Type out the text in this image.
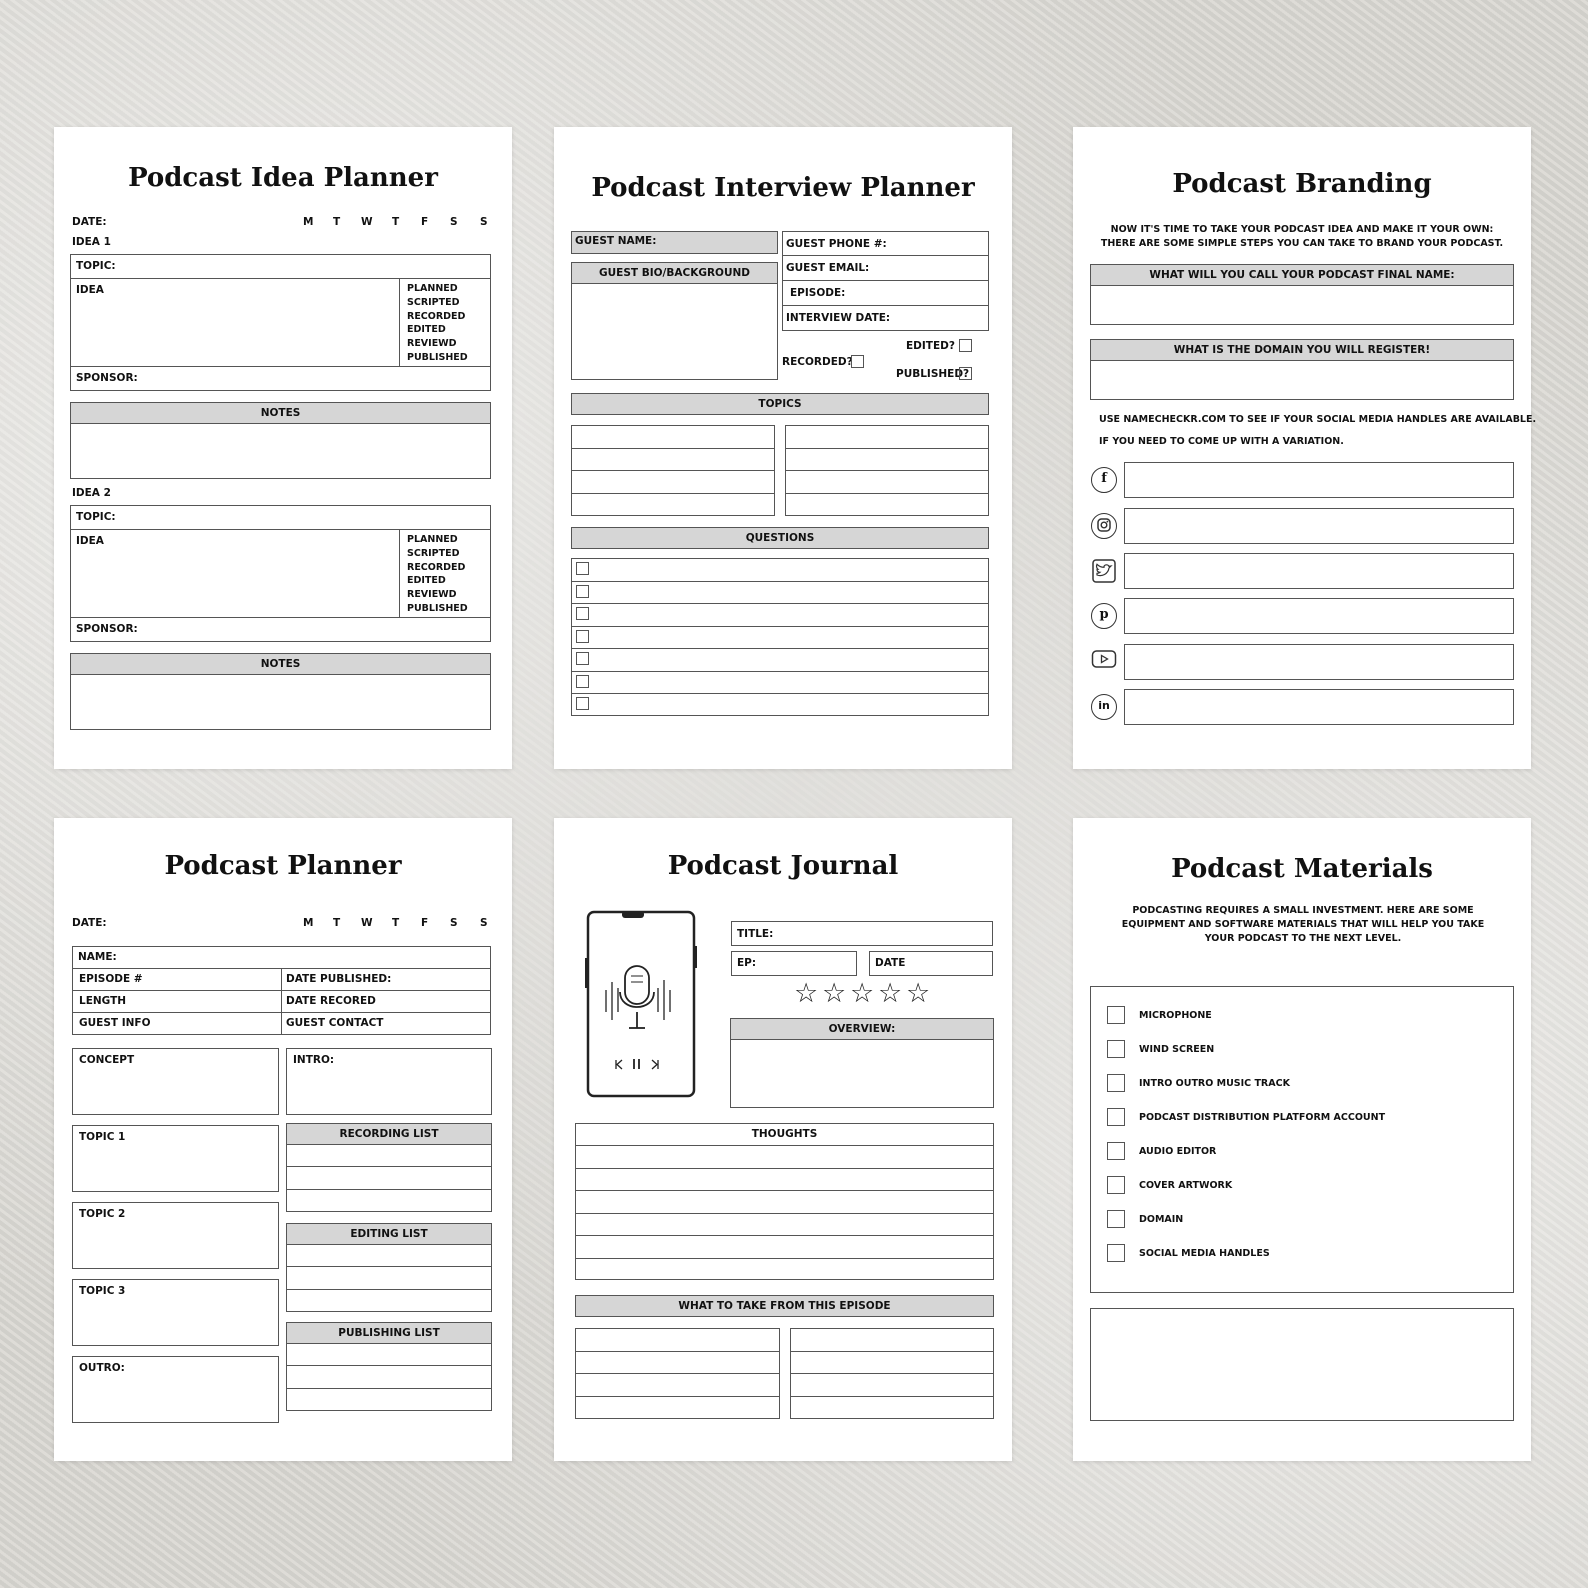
Podcast Idea Planner
DATE:	M T W T F S S
IDEA 1
TOPIC:
IDEA	PLANNED
SCRIPTED
RECORDED
EDITED
REVIEWD
PUBLISHED
SPONSOR:
NOTES
IDEA 2
TOPIC:
IDEA	PLANNED
SCRIPTED
RECORDED
EDITED
REVIEWD
PUBLISHED
SPONSOR:
NOTES
Podcast Interview Planner
GUEST NAME:
GUEST BIO/BACKGROUND
GUEST PHONE #:
GUEST EMAIL:
EPISODE:
INTERVIEW DATE:
EDITED?
RECORDED?
PUBLISHED?
TOPICS
QUESTIONS
Podcast Branding
NOW IT'S TIME TO TAKE YOUR PODCAST IDEA AND MAKE IT YOUR OWN: THERE ARE SOME SIMPLE STEPS YOU CAN TAKE TO BRAND YOUR PODCAST.
WHAT WILL YOU CALL YOUR PODCAST FINAL NAME:
WHAT IS THE DOMAIN YOU WILL REGISTER!
USE NAMECHECKR.COM TO SEE IF YOUR SOCIAL MEDIA HANDLES ARE AVAILABLE.
IF YOU NEED TO COME UP WITH A VARIATION.
f
p
in
Podcast Planner
DATE:	M T W T F S S
NAME:
EPISODE #	DATE PUBLISHED:
LENGTH	DATE RECORED
GUEST INFO	GUEST CONTACT
CONCEPT	INTRO:
TOPIC 1
TOPIC 2
TOPIC 3
OUTRO:
RECORDING LIST
EDITING LIST
PUBLISHING LIST
Podcast Journal
TITLE:
EP:	DATE
☆ ☆ ☆ ☆ ☆
OVERVIEW:
THOUGHTS
WHAT TO TAKE FROM THIS EPISODE
Podcast Materials
PODCASTING REQUIRES A SMALL INVESTMENT. HERE ARE SOME EQUIPMENT AND SOFTWARE MATERIALS THAT WILL HELP YOU TAKE YOUR PODCAST TO THE NEXT LEVEL.
MICROPHONE
WIND SCREEN
INTRO OUTRO MUSIC TRACK
PODCAST DISTRIBUTION PLATFORM ACCOUNT
AUDIO EDITOR
COVER ARTWORK
DOMAIN
SOCIAL MEDIA HANDLES
